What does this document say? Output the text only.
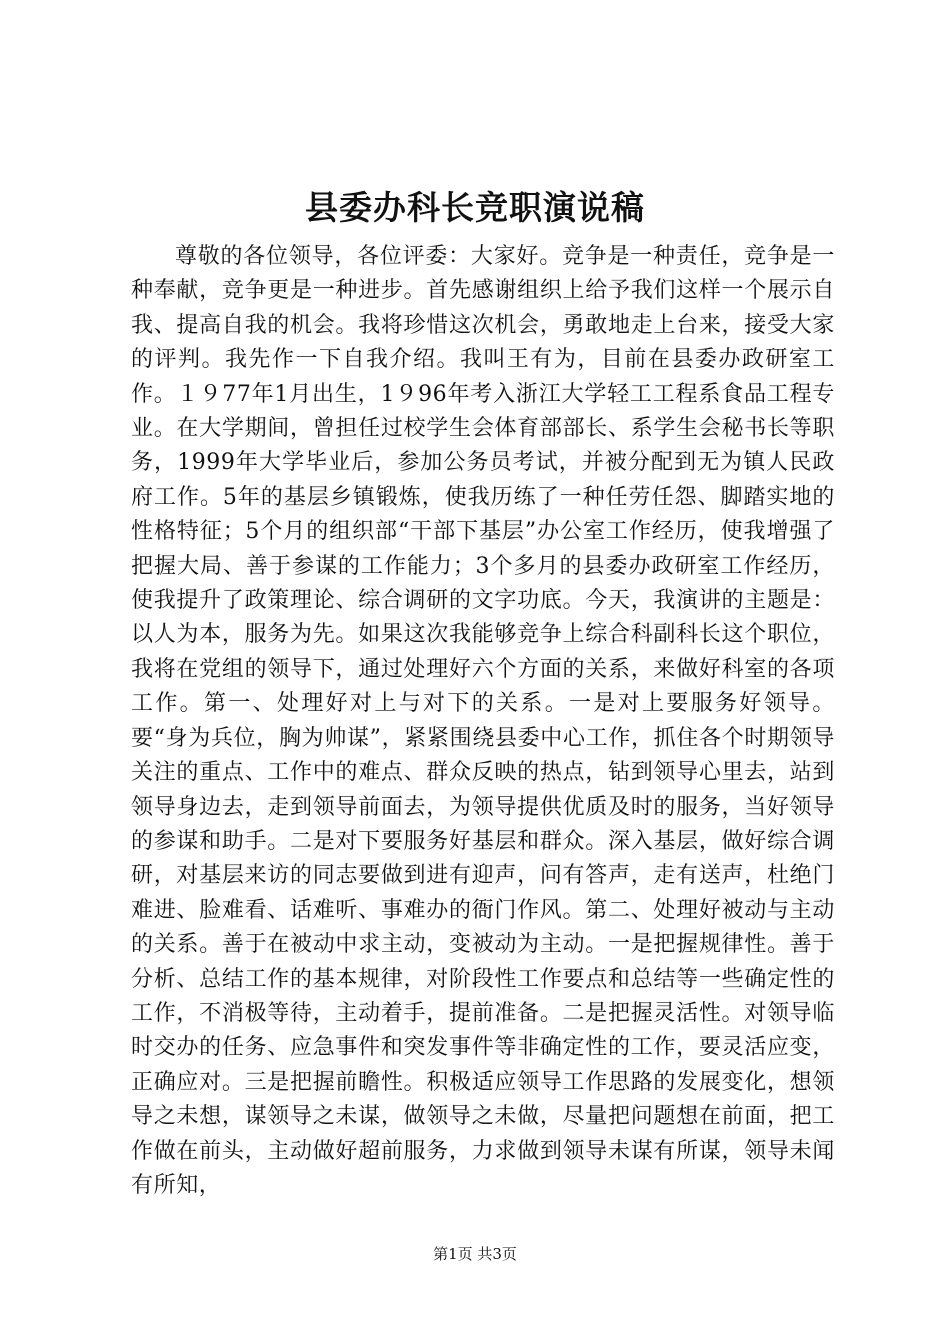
县委办科长竞职演说稿

尊敬的各位领导，各位评委：大家好。竞争是一种责任，竞争是一种奉献，竞争更是一种进步。首先感谢组织上给予我们这样一个展示自我、提高自我的机会。我将珍惜这次机会，勇敢地走上台来，接受大家的评判。我先作一下自我介绍。我叫王有为，目前在县委办政研室工作。１９77年1月出生，1９96年考入浙江大学轻工工程系食品工程专业。在大学期间，曾担任过校学生会体育部部长、系学生会秘书长等职务，1999年大学毕业后，参加公务员考试，并被分配到无为镇人民政府工作。5年的基层乡镇锻炼，使我历练了一种任劳任怨、脚踏实地的性格特征；5个月的组织部“干部下基层”办公室工作经历，使我增强了把握大局、善于参谋的工作能力；3个多月的县委办政研室工作经历，使我提升了政策理论、综合调研的文字功底。今天，我演讲的主题是：以人为本，服务为先。如果这次我能够竞争上综合科副科长这个职位，我将在党组的领导下，通过处理好六个方面的关系，来做好科室的各项工作。第一、处理好对上与对下的关系。一是对上要服务好领导。要“身为兵位，胸为帅谋”，紧紧围绕县委中心工作，抓住各个时期领导关注的重点、工作中的难点、群众反映的热点，钻到领导心里去，站到领导身边去，走到领导前面去，为领导提供优质及时的服务，当好领导的参谋和助手。二是对下要服务好基层和群众。深入基层，做好综合调研，对基层来访的同志要做到进有迎声，问有答声，走有送声，杜绝门难进、脸难看、话难听、事难办的衙门作风。第二、处理好被动与主动的关系。善于在被动中求主动，变被动为主动。一是把握规律性。善于分析、总结工作的基本规律，对阶段性工作要点和总结等一些确定性的工作，不消极等待，主动着手，提前准备。二是把握灵活性。对领导临时交办的任务、应急事件和突发事件等非确定性的工作，要灵活应变，正确应对。三是把握前瞻性。积极适应领导工作思路的发展变化，想领导之未想，谋领导之未谋，做领导之未做，尽量把问题想在前面，把工作做在前头，主动做好超前服务，力求做到领导未谋有所谋，领导未闻有所知，

第1页 共3页
